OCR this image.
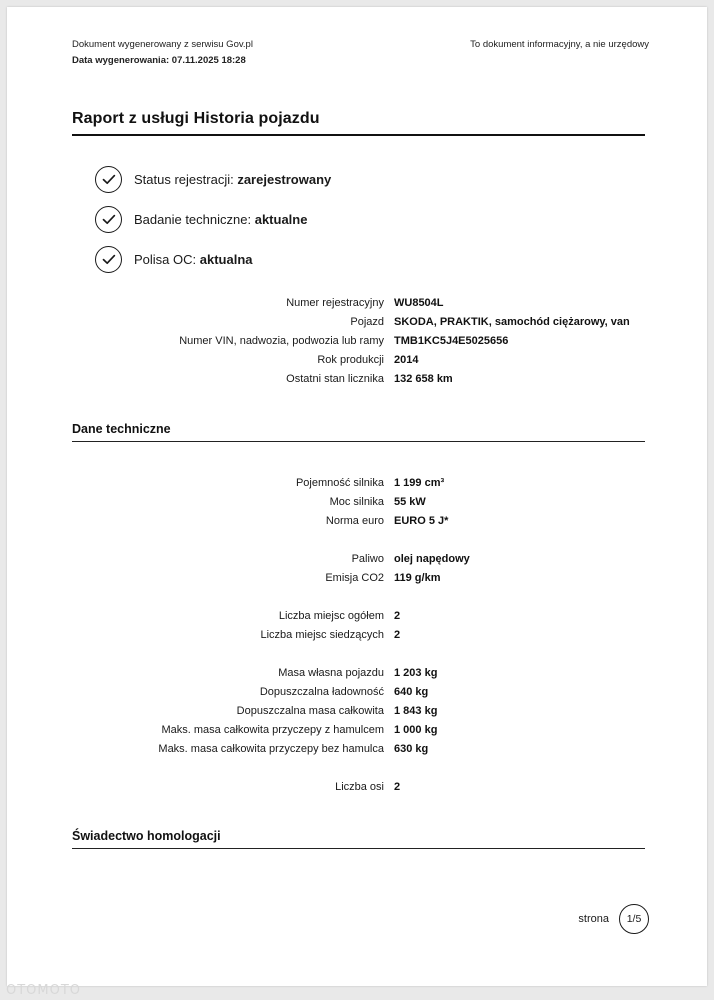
Dokument wygenerowany z serwisu Gov.pl
Data wygenerowania: 07.11.2025 18:28
To dokument informacyjny, a nie urzędowy
Raport z usługi Historia pojazdu
Status rejestracji: zarejestrowany
Badanie techniczne: aktualne
Polisa OC: aktualna
Numer rejestracyjny WU8504L
Pojazd SKODA, PRAKTIK, samochód ciężarowy, van
Numer VIN, nadwozia, podwozia lub ramy TMB1KC5J4E5025656
Rok produkcji 2014
Ostatni stan licznika 132 658 km
Dane techniczne
Pojemność silnika 1 199 cm³
Moc silnika 55 kW
Norma euro EURO 5 J*
Paliwo olej napędowy
Emisja CO2 119 g/km
Liczba miejsc ogółem 2
Liczba miejsc siedzących 2
Masa własna pojazdu 1 203 kg
Dopuszczalna ładowność 640 kg
Dopuszczalna masa całkowita 1 843 kg
Maks. masa całkowita przyczepy z hamulcem 1 000 kg
Maks. masa całkowita przyczepy bez hamulca 630 kg
Liczba osi 2
Świadectwo homologacji
strona	1/5
OTOMOTO
